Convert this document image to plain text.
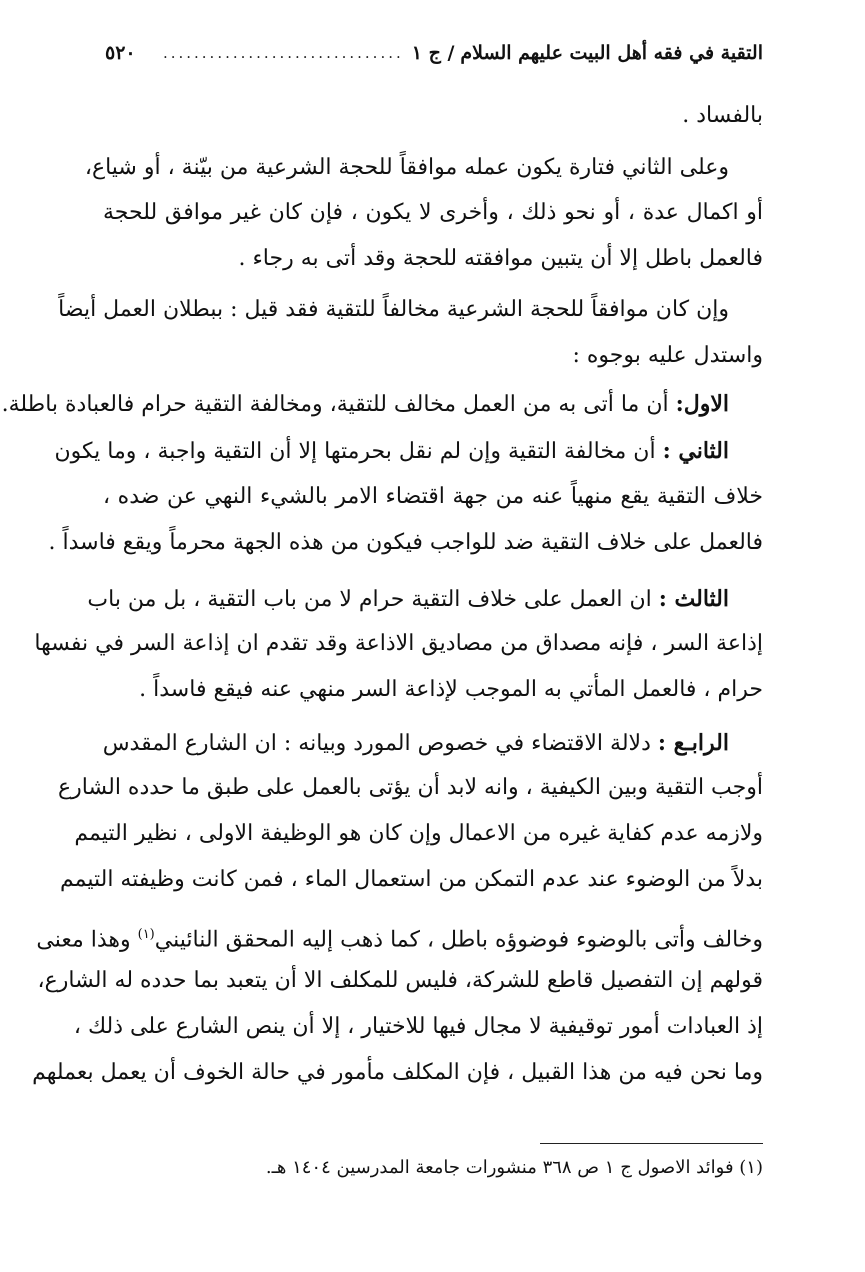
التقية في فقه أهل البيت عليهم السلام
/ ج ١
...............................
٥٢٠
بالفساد .
وعلى الثاني فتارة يكون عمله موافقاً للحجة الشرعية من بيّنة ، أو شياع،
أو اكمال عدة ، أو نحو ذلك ، وأخرى لا يكون ، فإن كان غير موافق للحجة
فالعمل باطل إلا أن يتبين موافقته للحجة وقد أتى به رجاء .
وإن كان موافقاً للحجة الشرعية مخالفاً للتقية فقد قيل : ببطلان العمل أيضاً
واستدل عليه بوجوه :
الاول: أن ما أتى به من العمل مخالف للتقية، ومخالفة التقية حرام فالعبادة باطلة.
الثاني : أن مخالفة التقية وإن لم نقل بحرمتها إلا أن التقية واجبة ، وما يكون
خلاف التقية يقع منهياً عنه من جهة اقتضاء الامر بالشيء النهي عن ضده ،
فالعمل على خلاف التقية ضد للواجب فيكون من هذه الجهة محرماً ويقع فاسداً .
الثالث : ان العمل على خلاف التقية حرام لا من باب التقية ، بل من باب
إذاعة السر ، فإنه مصداق من مصاديق الاذاعة وقد تقدم ان إذاعة السر في نفسها
حرام ، فالعمل المأتي به الموجب لإذاعة السر منهي عنه فيقع فاسداً .
الرابـع : دلالة الاقتضاء في خصوص المورد وبيانه : ان الشارع المقدس
أوجب التقية وبين الكيفية ، وانه لابد أن يؤتى بالعمل على طبق ما حدده الشارع
ولازمه عدم كفاية غيره من الاعمال وإن كان هو الوظيفة الاولى ، نظير التيمم
بدلاً من الوضوء عند عدم التمكن من استعمال الماء ، فمن كانت وظيفته التيمم
وخالف وأتى بالوضوء فوضوؤه باطل ، كما ذهب إليه المحقق النائيني$^{(١)}$ وهذا معنى
قولهم إن التفصيل قاطع للشركة، فليس للمكلف الا أن يتعبد بما حدده له الشارع،
إذ العبادات أمور توقيفية لا مجال فيها للاختيار ، إلا أن ينص الشارع على ذلك ،
وما نحن فيه من هذا القبيل ، فإن المكلف مأمور في حالة الخوف أن يعمل بعملهم
(١) فوائد الاصول ج ١ ص ٣٦٨ منشورات جامعة المدرسين ١٤٠٤ هـ.
